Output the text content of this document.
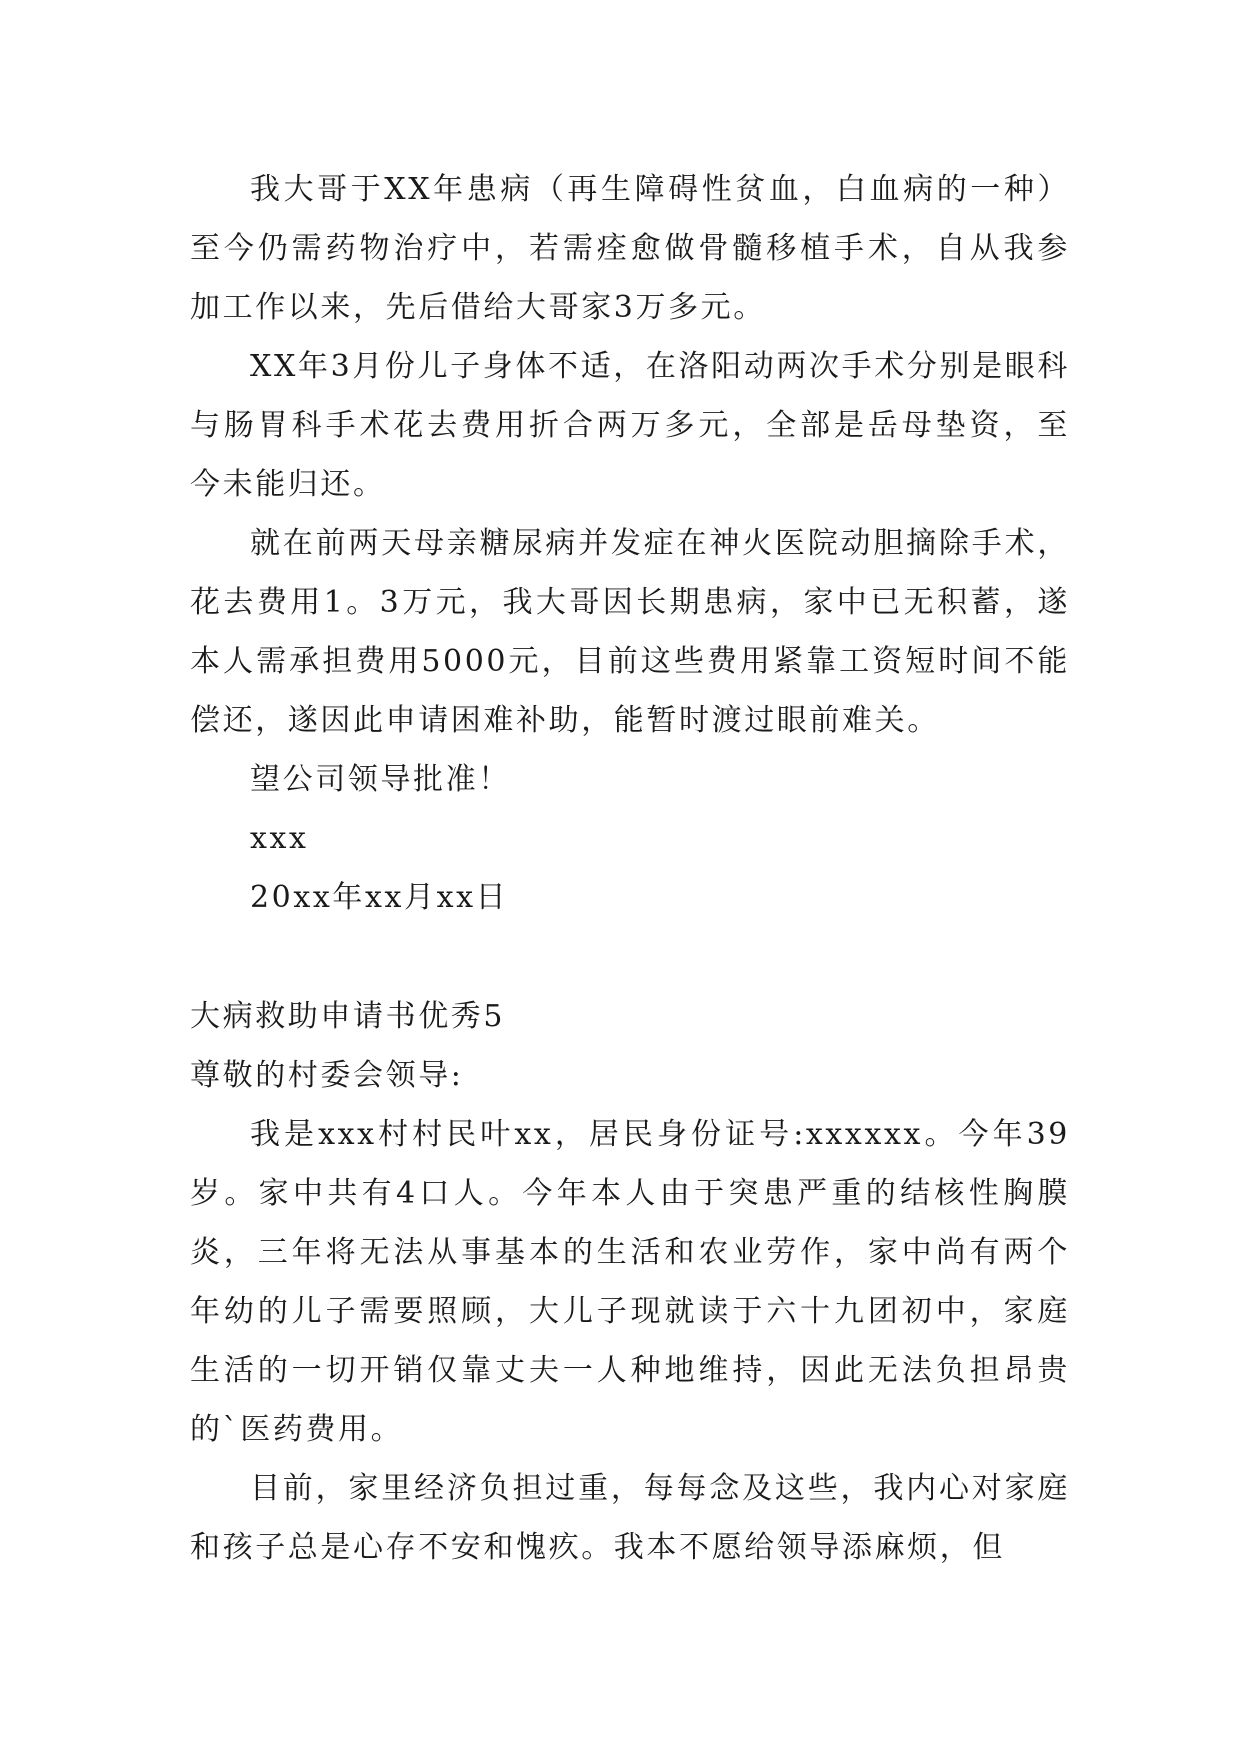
我大哥于XX年患病（再生障碍性贫血，白血病的一种）至今仍需药物治疗中，若需痊愈做骨髓移植手术，自从我参加工作以来，先后借给大哥家3万多元。

XX年3月份儿子身体不适，在洛阳动两次手术分别是眼科与肠胃科手术花去费用折合两万多元，全部是岳母垫资，至今未能归还。

就在前两天母亲糖尿病并发症在神火医院动胆摘除手术，花去费用1。3万元，我大哥因长期患病，家中已无积蓄，遂本人需承担费用5000元，目前这些费用紧靠工资短时间不能偿还，遂因此申请困难补助，能暂时渡过眼前难关。

望公司领导批准！

xxx

20xx年xx月xx日

大病救助申请书优秀5

尊敬的村委会领导:

我是xxx村村民叶xx，居民身份证号:xxxxxx。今年39岁。家中共有4口人。今年本人由于突患严重的结核性胸膜炎，三年将无法从事基本的生活和农业劳作，家中尚有两个年幼的儿子需要照顾，大儿子现就读于六十九团初中，家庭生活的一切开销仅靠丈夫一人种地维持，因此无法负担昂贵的`医药费用。

目前，家里经济负担过重，每每念及这些，我内心对家庭和孩子总是心存不安和愧疚。我本不愿给领导添麻烦，但
